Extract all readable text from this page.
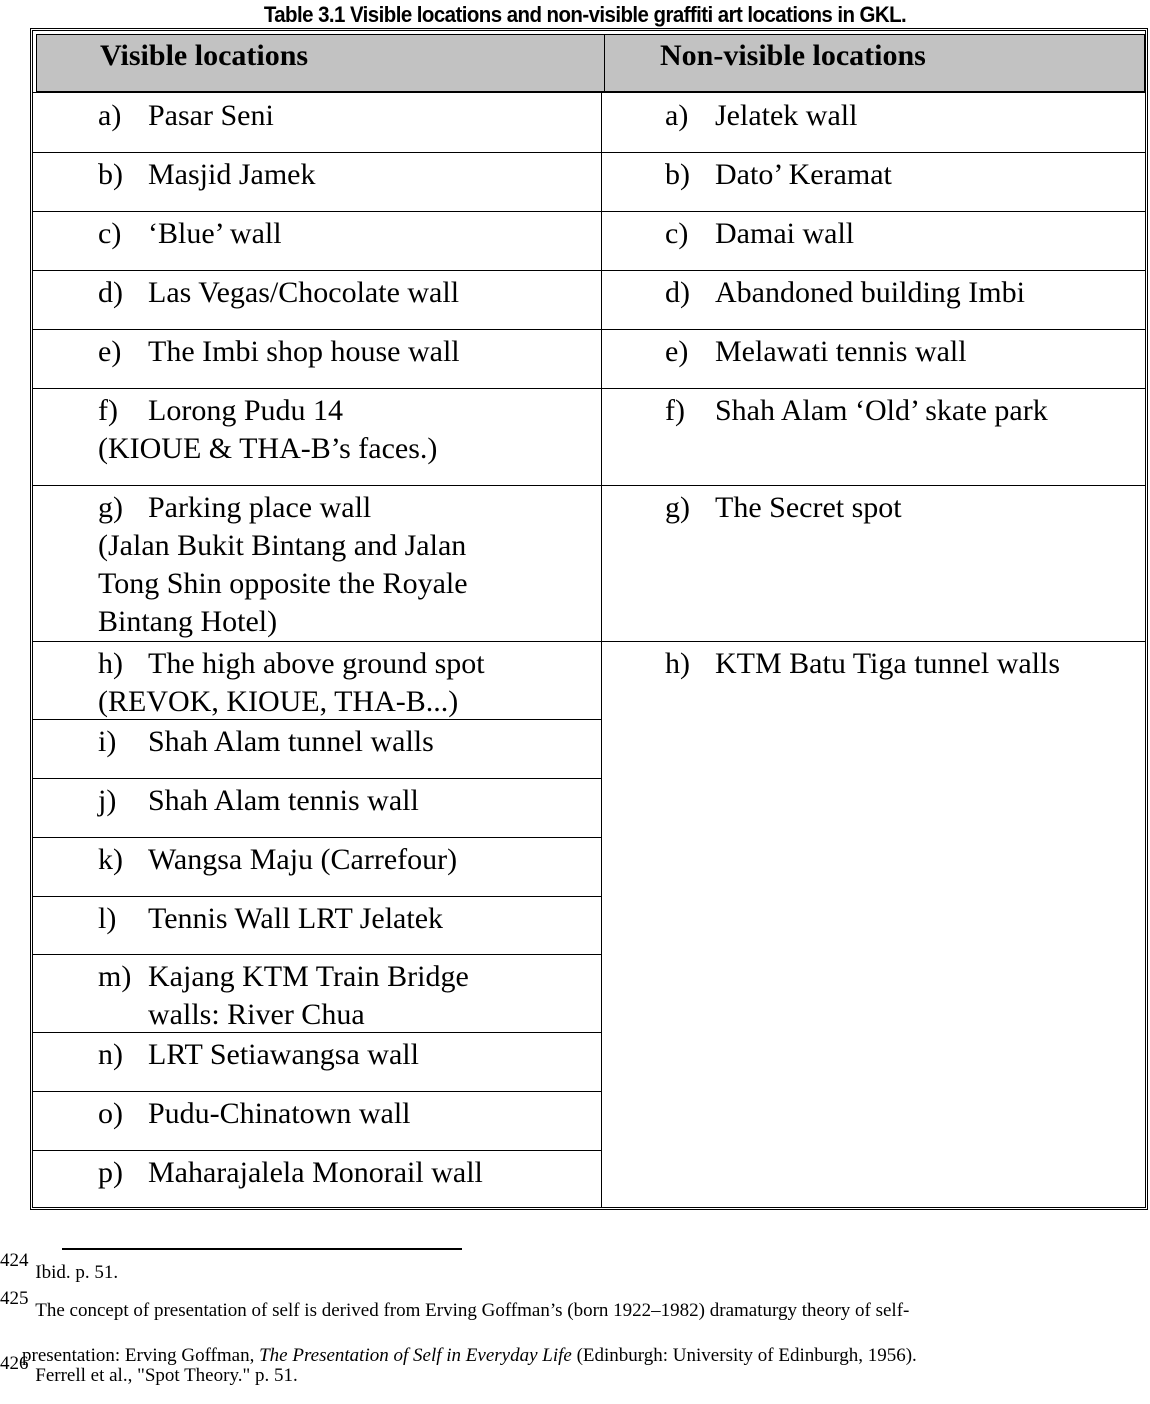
Table 3.1 Visible locations and non-visible graffiti art locations in GKL.
Visible locations	Non-visible locations
a) Pasar Seni
b) Masjid Jamek
c) ‘Blue’ wall
d) Las Vegas/Chocolate wall
e) The Imbi shop house wall
f) Lorong Pudu 14
(KIOUE & THA-B’s faces.)
g) Parking place wall
(Jalan Bukit Bintang and Jalan
Tong Shin opposite the Royale
Bintang Hotel)
h) The high above ground spot
(REVOK, KIOUE, THA-B...)
i) Shah Alam tunnel walls
j) Shah Alam tennis wall
k) Wangsa Maju (Carrefour)
l) Tennis Wall LRT Jelatek
m) Kajang KTM Train Bridge
walls: River Chua
n) LRT Setiawangsa wall
o) Pudu-Chinatown wall
p) Maharajalela Monorail wall
a) Jelatek wall
b) Dato’ Keramat
c) Damai wall
d) Abandoned building Imbi
e) Melawati tennis wall
f) Shah Alam ‘Old’ skate park
g) The Secret spot
h) KTM Batu Tiga tunnel walls
$^{424}$ Ibid. p. 51.
$^{425}$ The concept of presentation of self is derived from Erving Goffman’s (born 1922–1982) dramaturgy theory of self-
presentation: Erving Goffman, The Presentation of Self in Everyday Life (Edinburgh: University of Edinburgh, 1956).
$^{426}$ Ferrell et al., "Spot Theory." p. 51.
